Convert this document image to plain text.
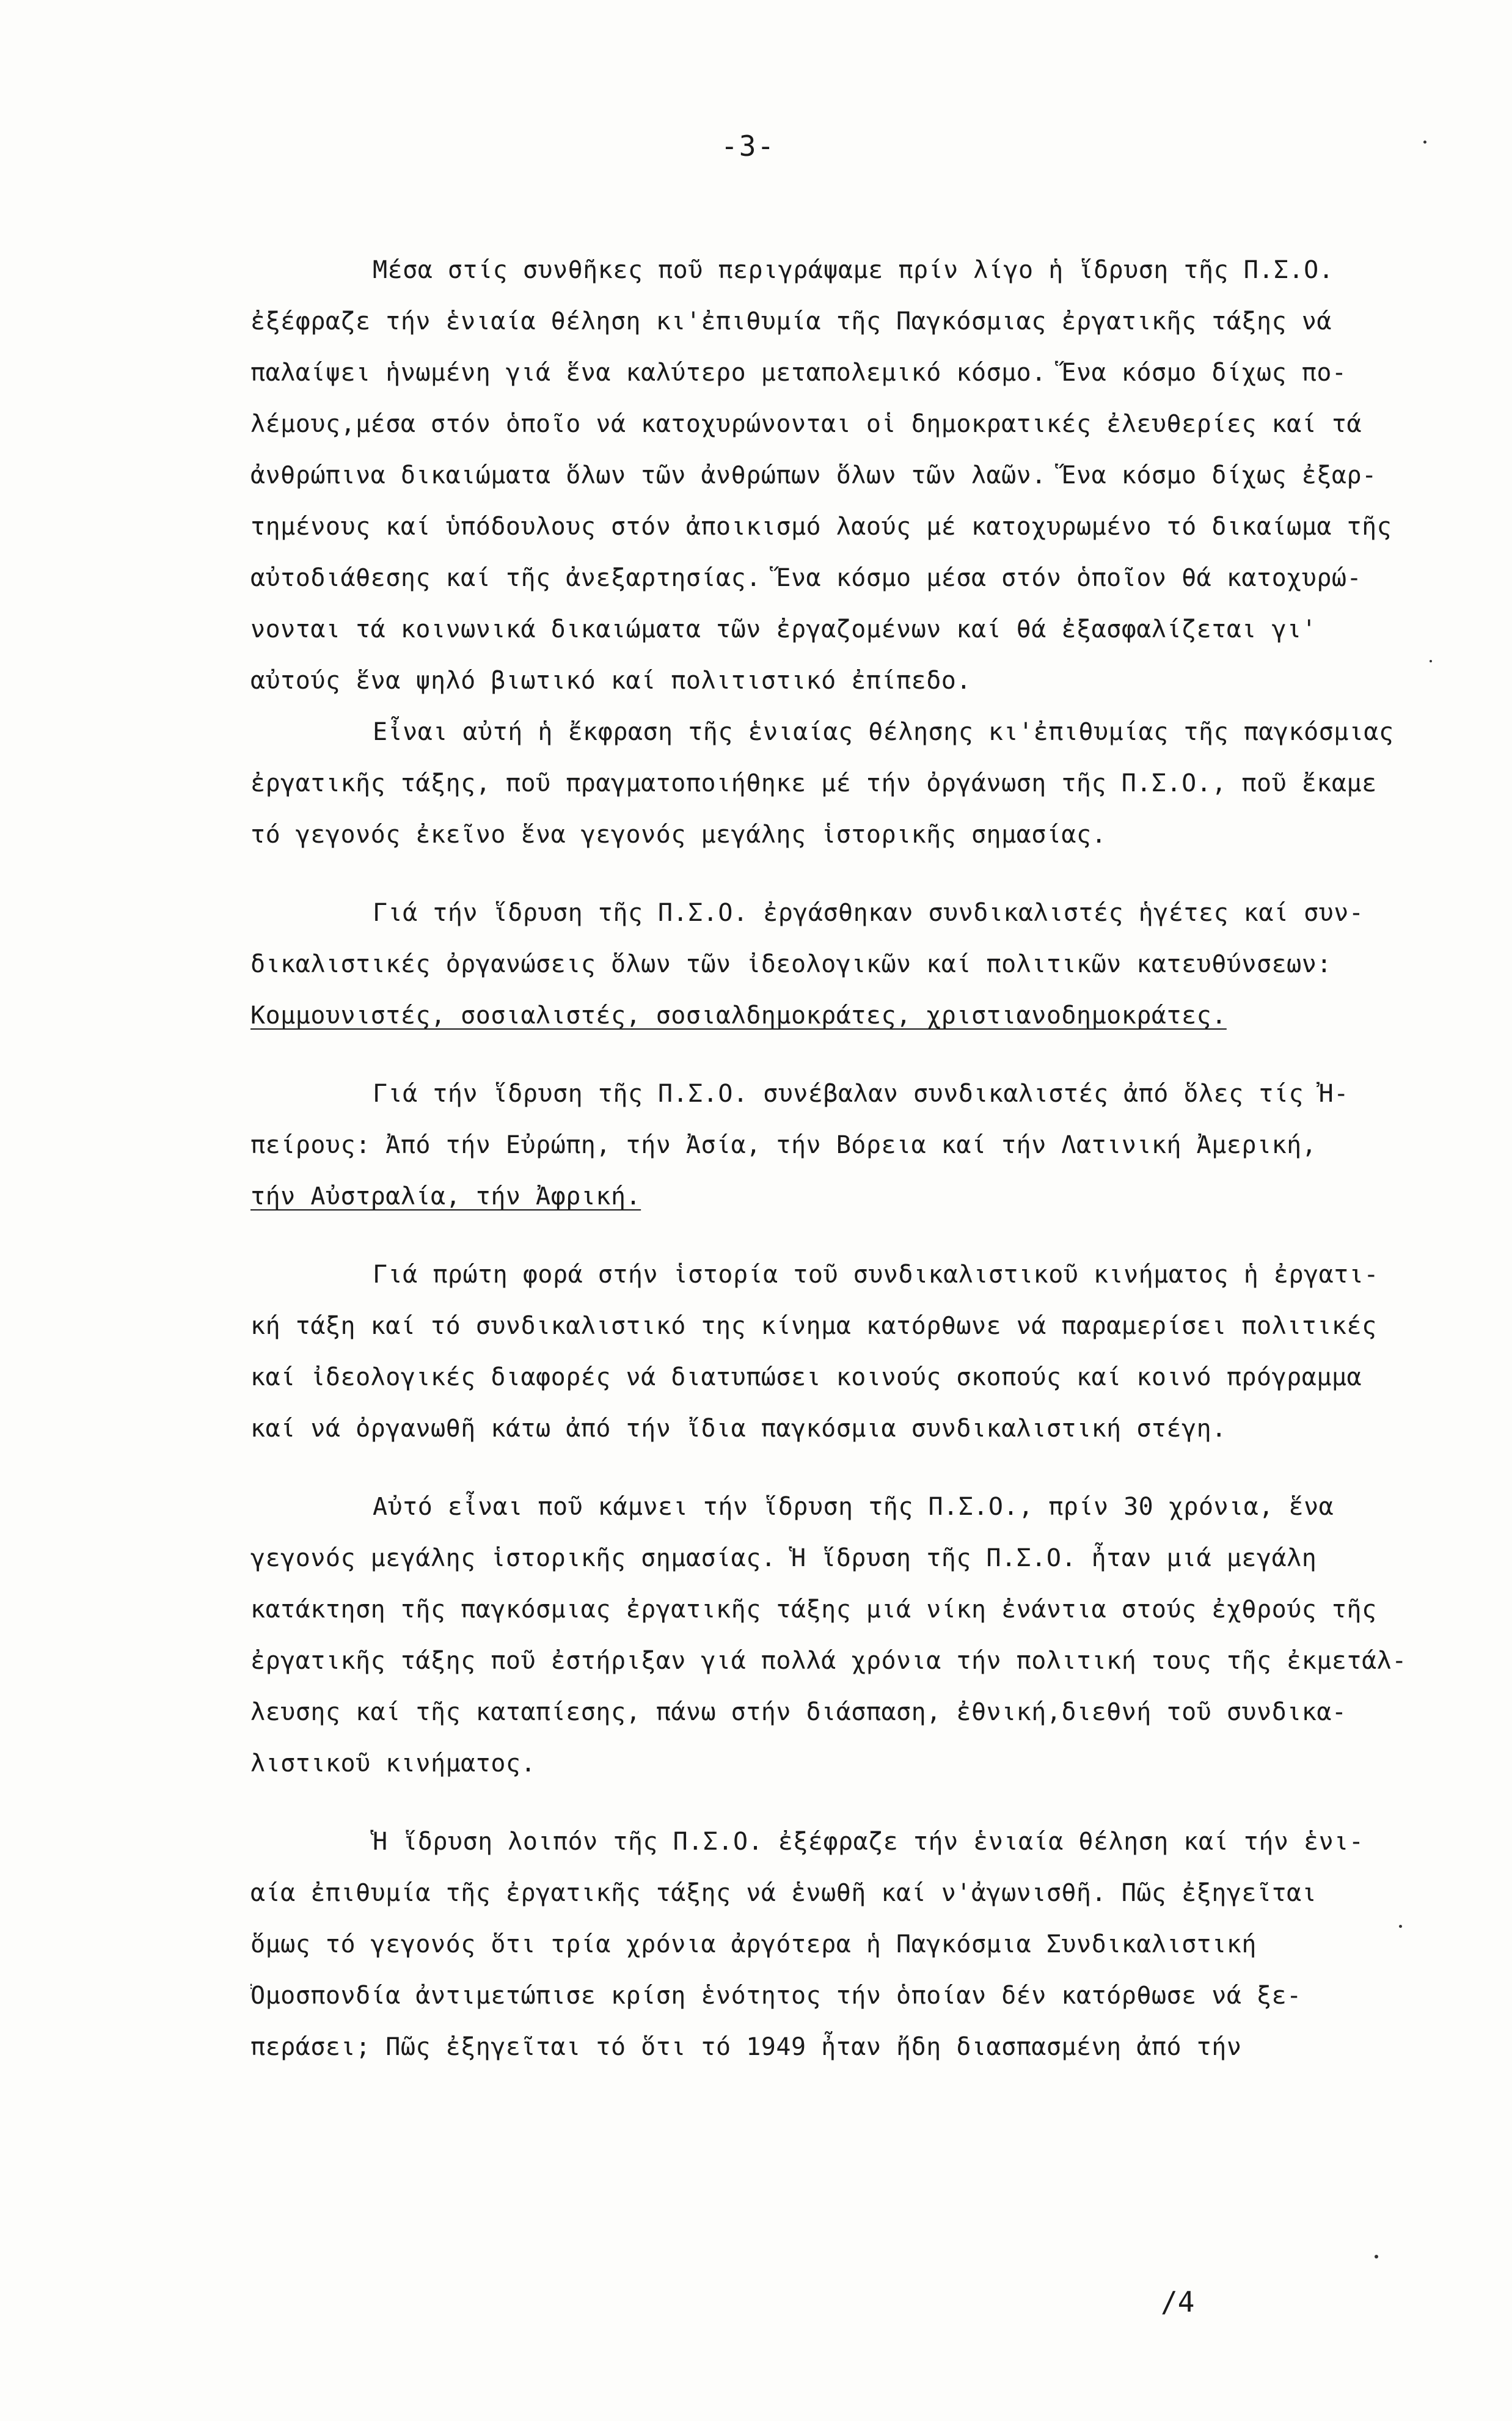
-3-
Μέσα στίς συνθῆκες ποῦ περιγράψαμε πρίν λίγο ἡ ἵδρυση τῆς Π.Σ.Ο.
ἐξέφραζε τήν ἑνιαία θέληση κι'ἐπιθυμία τῆς Παγκόσμιας ἐργατικῆς τάξης νά
παλαίψει ἡνωμένη γιά ἕνα καλύτερο μεταπολεμικό κόσμο. Ἕνα κόσμο δίχως πο-
λέμους,μέσα στόν ὁποῖο νά κατοχυρώνονται οἱ δημοκρατικές ἐλευθερίες καί τά
ἀνθρώπινα δικαιώματα ὅλων τῶν ἀνθρώπων ὅλων τῶν λαῶν. Ἕνα κόσμο δίχως ἐξαρ-
τημένους καί ὑπόδουλους στόν ἀποικισμό λαούς μέ κατοχυρωμένο τό δικαίωμα τῆς
αὐτοδιάθεσης καί τῆς ἀνεξαρτησίας. Ἕνα κόσμο μέσα στόν ὁποῖον θά κατοχυρώ-
νονται τά κοινωνικά δικαιώματα τῶν ἐργαζομένων καί θά ἐξασφαλίζεται γι'
αὐτούς ἕνα ψηλό βιωτικό καί πολιτιστικό ἐπίπεδο.
Εἶναι αὐτή ἡ ἔκφραση τῆς ἑνιαίας θέλησης κι'ἐπιθυμίας τῆς παγκόσμιας
ἐργατικῆς τάξης, ποῦ πραγματοποιήθηκε μέ τήν ὀργάνωση τῆς Π.Σ.Ο., ποῦ ἔκαμε
τό γεγονός ἐκεῖνο ἕνα γεγονός μεγάλης ἱστορικῆς σημασίας.
Γιά τήν ἵδρυση τῆς Π.Σ.Ο. ἐργάσθηκαν συνδικαλιστές ἡγέτες καί συν-
δικαλιστικές ὀργανώσεις ὅλων τῶν ἰδεολογικῶν καί πολιτικῶν κατευθύνσεων:
Κομμουνιστές, σοσιαλιστές, σοσιαλδημοκράτες, χριστιανοδημοκράτες.
Γιά τήν ἵδρυση τῆς Π.Σ.Ο. συνέβαλαν συνδικαλιστές ἀπό ὅλες τίς Ἠ-
πείρους: Ἀπό τήν Εὐρώπη, τήν Ἀσία, τήν Βόρεια καί τήν Λατινική Ἀμερική,
τήν Αὐστραλία, τήν Ἀφρική.
Γιά πρώτη φορά στήν ἱστορία τοῦ συνδικαλιστικοῦ κινήματος ἡ ἐργατι-
κή τάξη καί τό συνδικαλιστικό της κίνημα κατόρθωνε νά παραμερίσει πολιτικές
καί ἰδεολογικές διαφορές νά διατυπώσει κοινούς σκοπούς καί κοινό πρόγραμμα
καί νά ὀργανωθῆ κάτω ἀπό τήν ἴδια παγκόσμια συνδικαλιστική στέγη.
Αὐτό εἶναι ποῦ κάμνει τήν ἵδρυση τῆς Π.Σ.Ο., πρίν 30 χρόνια, ἕνα
γεγονός μεγάλης ἱστορικῆς σημασίας. Ἡ ἵδρυση τῆς Π.Σ.Ο. ἦταν μιά μεγάλη
κατάκτηση τῆς παγκόσμιας ἐργατικῆς τάξης μιά νίκη ἐνάντια στούς ἐχθρούς τῆς
ἐργατικῆς τάξης ποῦ ἐστήριξαν γιά πολλά χρόνια τήν πολιτική τους τῆς ἐκμετάλ-
λευσης καί τῆς καταπίεσης, πάνω στήν διάσπαση, ἐθνική,διεθνή τοῦ συνδικα-
λιστικοῦ κινήματος.
Ἡ ἵδρυση λοιπόν τῆς Π.Σ.Ο. ἐξέφραζε τήν ἑνιαία θέληση καί τήν ἑνι-
αία ἐπιθυμία τῆς ἐργατικῆς τάξης νά ἑνωθῆ καί ν'ἀγωνισθῆ. Πῶς ἐξηγεῖται
ὅμως τό γεγονός ὅτι τρία χρόνια ἀργότερα ἡ Παγκόσμια Συνδικαλιστική
Ὁμοσπονδία ἀντιμετώπισε κρίση ἑνότητος τήν ὁποίαν δέν κατόρθωσε νά ξε-
περάσει; Πῶς ἐξηγεῖται τό ὅτι τό 1949 ἦταν ἤδη διασπασμένη ἀπό τήν
/4
